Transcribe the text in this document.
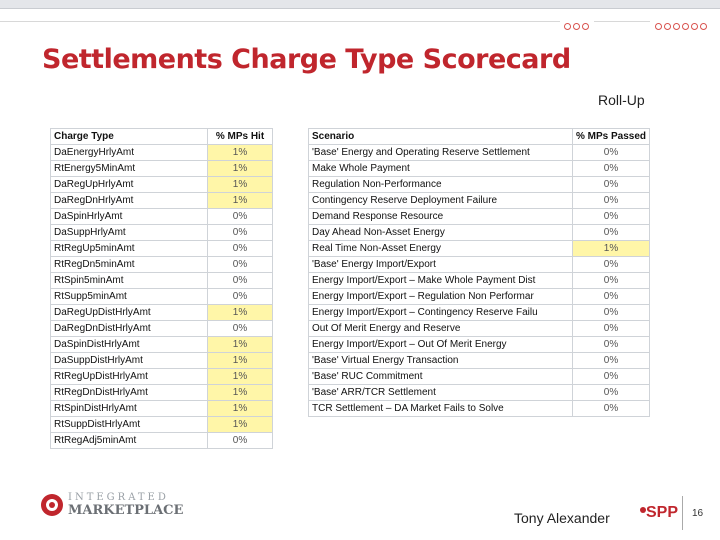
Settlements Charge Type Scorecard
Roll-Up
Charge Type	% MPs Hit
DaEnergyHrlyAmt	1%
RtEnergy5MinAmt	1%
DaRegUpHrlyAmt	1%
DaRegDnHrlyAmt	1%
DaSpinHrlyAmt	0%
DaSuppHrlyAmt	0%
RtRegUp5minAmt	0%
RtRegDn5minAmt	0%
RtSpin5minAmt	0%
RtSupp5minAmt	0%
DaRegUpDistHrlyAmt	1%
DaRegDnDistHrlyAmt	0%
DaSpinDistHrlyAmt	1%
DaSuppDistHrlyAmt	1%
RtRegUpDistHrlyAmt	1%
RtRegDnDistHrlyAmt	1%
RtSpinDistHrlyAmt	1%
RtSuppDistHrlyAmt	1%
RtRegAdj5minAmt	0%
Scenario	% MPs Passed
'Base' Energy and Operating Reserve Settlement	0%
Make Whole Payment	0%
Regulation Non-Performance	0%
Contingency Reserve Deployment Failure	0%
Demand Response Resource	0%
Day Ahead Non-Asset Energy	0%
Real Time Non-Asset Energy	1%
'Base' Energy Import/Export	0%
Energy Import/Export – Make Whole Payment Dist	0%
Energy Import/Export – Regulation Non Performar	0%
Energy Import/Export – Contingency Reserve Failu	0%
Out Of Merit Energy and Reserve	0%
Energy Import/Export – Out Of Merit Energy	0%
'Base' Virtual Energy Transaction	0%
'Base' RUC Commitment	0%
'Base' ARR/TCR Settlement	0%
TCR Settlement – DA Market Fails to Solve	0%
INTEGRATED
MARKETPLACE	Tony Alexander SPP 16
